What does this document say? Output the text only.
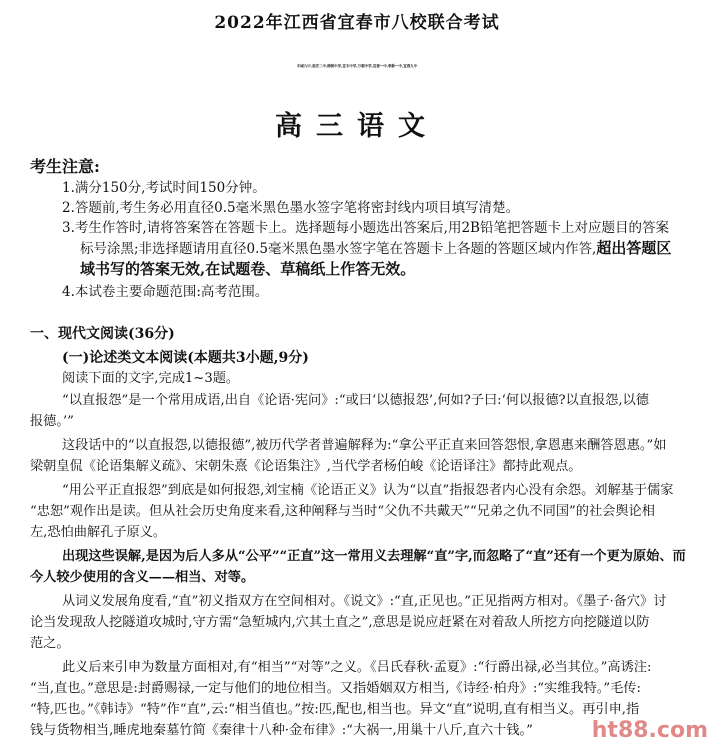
2022年江西省宜春市八校联合考试
丰城九中,高安二中,樟树中学,宜丰中学,万载中学,宜春一中,奉新一中,宜春九中
高三语文
考生注意:
1.满分150分,考试时间150分钟。
2.答题前,考生务必用直径0.5毫米黑色墨水签字笔将密封线内项目填写清楚。
3.考生作答时,请将答案答在答题卡上。选择题每小题选出答案后,用2B铅笔把答题卡上对应题目的答案
标号涂黑;非选择题请用直径0.5毫米黑色墨水签字笔在答题卡上各题的答题区域内作答,超出答题区
域书写的答案无效,在试题卷、草稿纸上作答无效。
4.本试卷主要命题范围:高考范围。
一、现代文阅读(36分)
(一)论述类文本阅读(本题共3小题,9分)
阅读下面的文字,完成1~3题。
“以直报怨”是一个常用成语,出自《论语·宪问》:“或曰‘以德报怨’,何如?子曰:‘何以报德?以直报怨,以德
报德。’”
这段话中的“以直报怨,以德报德”,被历代学者普遍解释为:“拿公平正直来回答怨恨,拿恩惠来酬答恩惠。”如
梁朝皇侃《论语集解义疏》、宋朝朱熹《论语集注》,当代学者杨伯峻《论语译注》都持此观点。
“用公平正直报怨”到底是如何报怨,刘宝楠《论语正义》认为“以直”指报怨者内心没有余怨。刘解基于儒家
“忠恕”观作出是读。但从社会历史角度来看,这种阐释与当时“父仇不共戴天”“兄弟之仇不同国”的社会舆论相
左,恐怕曲解孔子原义。
出现这些误解,是因为后人多从“公平”“正直”这一常用义去理解“直”字,而忽略了“直”还有一个更为原始、而
今人较少使用的含义——相当、对等。
从词义发展角度看,“直”初义指双方在空间相对。《说文》:“直,正见也。”正见指两方相对。《墨子·备穴》讨
论当发现敌人挖隧道攻城时,守方需“急堑城内,穴其土直之”,意思是说应赶紧在对着敌人所挖方向挖隧道以防
范之。
此义后来引申为数量方面相对,有“相当”“对等”之义。《吕氏春秋·孟夏》:“行爵出禄,必当其位。”高诱注:
“当,直也。”意思是:封爵赐禄,一定与他们的地位相当。又指婚姻双方相当,《诗经·柏舟》:“实维我特。”毛传:
“特,匹也。”《韩诗》“特”作“直”,云:“相当值也。”按:匹,配也,相当也。异文“直”说明,直有相当义。再引申,指
钱与货物相当,睡虎地秦墓竹简《秦律十八种·金布律》:“大祸一,用巢十八斤,直六十钱。”	ht88.com
